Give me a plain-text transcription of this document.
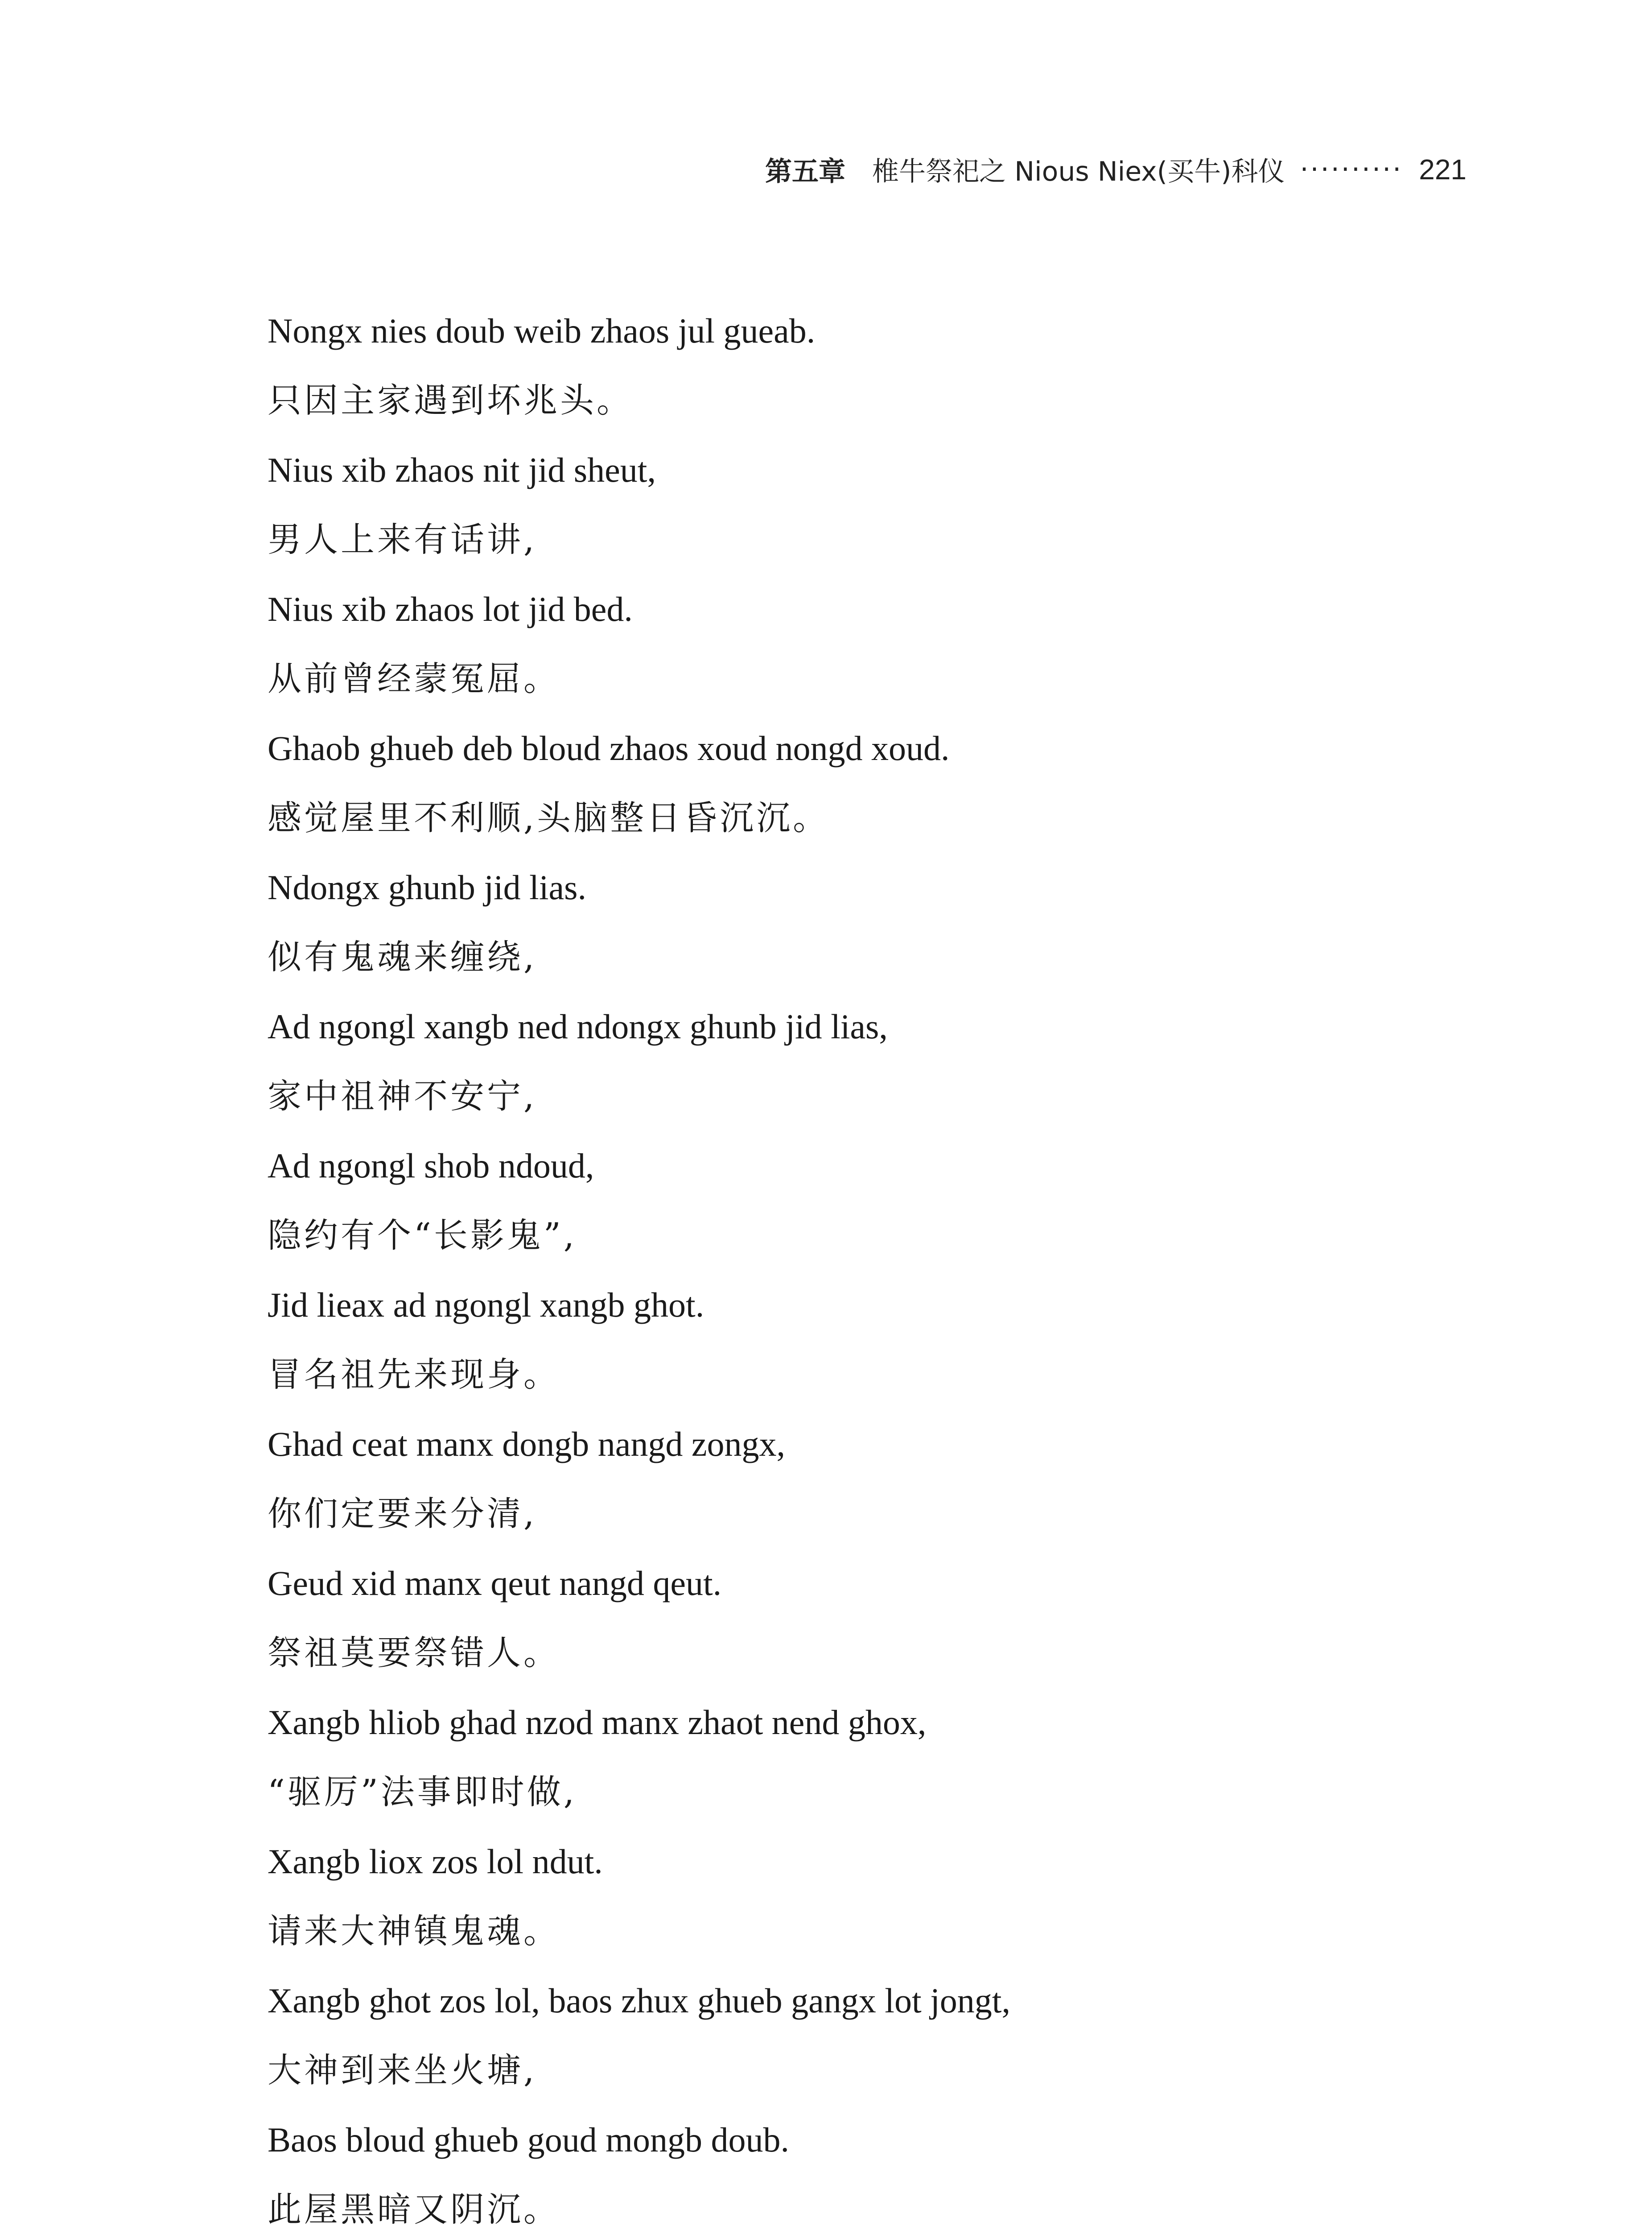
第五章 椎牛祭祀之 Nious Niex(买牛)科仪 ·········· 221
Nongx nies doub weib zhaos jul gueab.
只因主家遇到坏兆头。
Nius xib zhaos nit jid sheut,
男人上来有话讲,
Nius xib zhaos lot jid bed.
从前曾经蒙冤屈。
Ghaob ghueb deb bloud zhaos xoud nongd xoud.
感觉屋里不利顺,头脑整日昏沉沉。
Ndongx ghunb jid lias.
似有鬼魂来缠绕,
Ad ngongl xangb ned ndongx ghunb jid lias,
家中祖神不安宁,
Ad ngongl shob ndoud,
隐约有个“长影鬼”,
Jid lieax ad ngongl xangb ghot.
冒名祖先来现身。
Ghad ceat manx dongb nangd zongx,
你们定要来分清,
Geud xid manx qeut nangd qeut.
祭祖莫要祭错人。
Xangb hliob ghad nzod manx zhaot nend ghox,
“驱厉”法事即时做,
Xangb liox zos lol ndut.
请来大神镇鬼魂。
Xangb ghot zos lol, baos zhux ghueb gangx lot jongt,
大神到来坐火塘,
Baos bloud ghueb goud mongb doub.
此屋黑暗又阴沉。
